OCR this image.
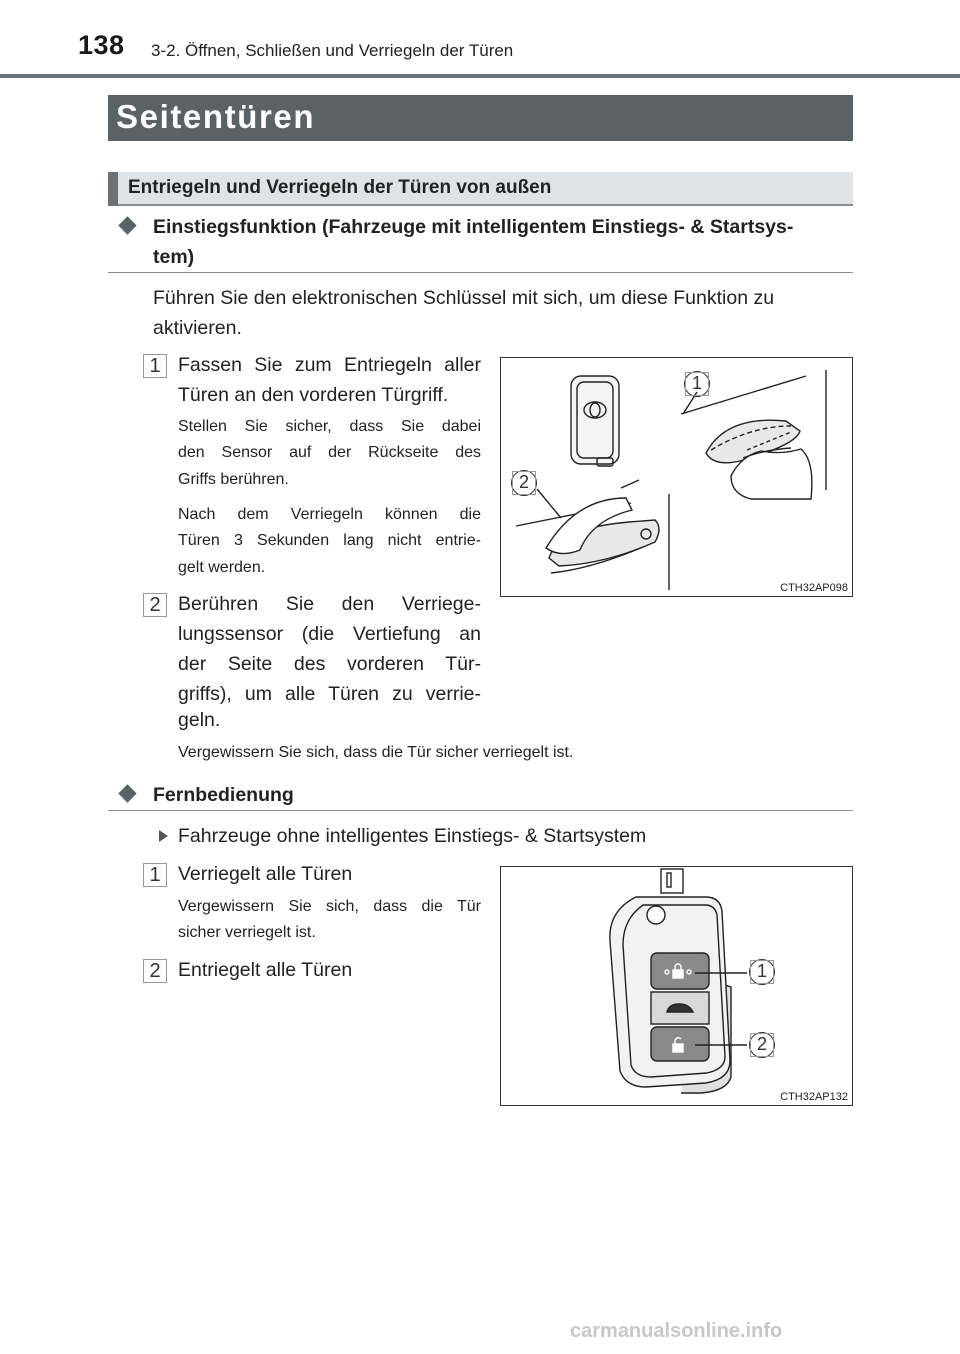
138 3-2. Öffnen, Schließen und Verriegeln der Türen
Seitentüren
Entriegeln und Verriegeln der Türen von außen
Einstiegsfunktion (Fahrzeuge mit intelligentem Einstiegs- & Startsys-
tem)
Führen Sie den elektronischen Schlüssel mit sich, um diese Funktion zu
aktivieren.
1 Fassen Sie zum Entriegeln aller
Türen an den vorderen Türgriff.
Stellen Sie sicher, dass Sie dabei
den Sensor auf der Rückseite des
Griffs berühren.
Nach dem Verriegeln können die
Türen 3 Sekunden lang nicht entrie-
gelt werden.
2 Berühren Sie den Verriege-
lungssensor (die Vertiefung an
der Seite des vorderen Tür-
griffs), um alle Türen zu verrie-
geln.
Vergewissern Sie sich, dass die Tür sicher verriegelt ist.
1
2
CTH32AP098
Fernbedienung
Fahrzeuge ohne intelligentes Einstiegs- & Startsystem
1 Verriegelt alle Türen
Vergewissern Sie sich, dass die Tür
sicher verriegelt ist.
2 Entriegelt alle Türen	1
2
CTH32AP132
carmanualsonline.info
